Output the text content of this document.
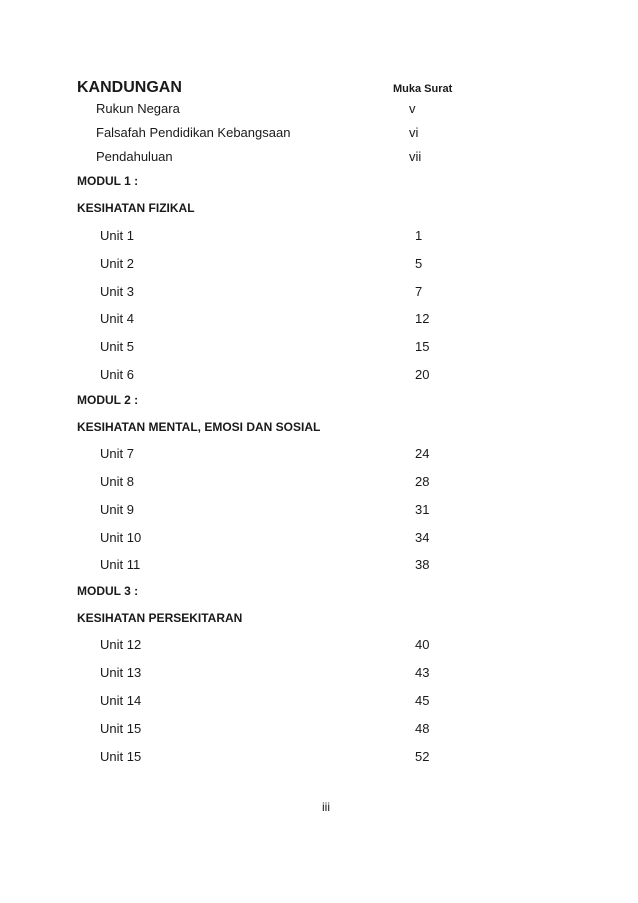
KANDUNGAN	Muka Surat
Rukun Negara	v
Falsafah Pendidikan Kebangsaan	vi
Pendahuluan	vii
MODUL 1 :
KESIHATAN FIZIKAL
Unit 1	1
Unit 2	5
Unit 3	7
Unit 4	12
Unit 5	15
Unit 6	20
MODUL 2 :
KESIHATAN MENTAL, EMOSI DAN SOSIAL
Unit 7	24
Unit 8	28
Unit 9	31
Unit 10	34
Unit 11	38
MODUL 3 :
KESIHATAN PERSEKITARAN
Unit 12	40
Unit 13	43
Unit 14	45
Unit 15	48
Unit 15	52
iii
